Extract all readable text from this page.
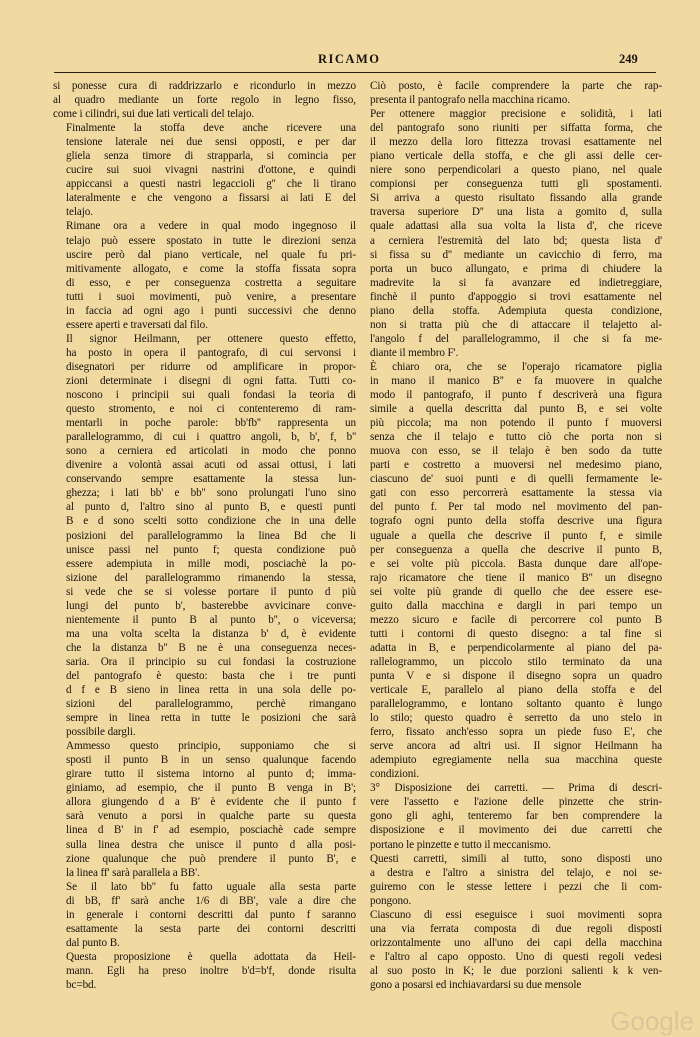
RICAMO	249

si ponesse cura di raddrizzarlo e ricondurlo in mezzo
al quadro mediante un forte regolo in legno fisso,
come i cilindri, sui due lati verticali del telajo.

Finalmente la stoffa deve anche ricevere una
tensione laterale nei due sensi opposti, e per dar
gliela senza timore di strapparla, si comincia per
cucire sui suoi vivagni nastrini d'ottone, e quindi
appiccansi a questi nastri legaccioli g'' che li tirano
lateralmente e che vengono a fissarsi ai lati E del
telajo.

Rimane ora a vedere in qual modo ingegnoso il
telajo può essere spostato in tutte le direzioni senza
uscire però dal piano verticale, nel quale fu pri-
mitivamente allogato, e come la stoffa fissata sopra
di esso, e per conseguenza costretta a seguitare
tutti i suoi movimenti, può venire, a presentare
in faccia ad ogni ago i punti successivi che denno
essere aperti e traversati dal filo.

Il signor Heilmann, per ottenere questo effetto,
ha posto in opera il pantografo, di cui servonsi i
disegnatori per ridurre od amplificare in propor-
zioni determinate i disegni di ogni fatta. Tutti co-
noscono i principii sui quali fondasi la teoria di
questo stromento, e noi ci contenteremo di ram-
mentarli in poche parole: bb'fb'' rappresenta un
parallelogrammo, di cui i quattro angoli, b, b', f, b''
sono a cerniera ed articolati in modo che ponno
divenire a volontà assai acuti od assai ottusi, i lati
conservando sempre esattamente la stessa lun-
ghezza; i lati bb' e bb'' sono prolungati l'uno sino
al punto d, l'altro sino al punto B, e questi punti
B e d sono scelti sotto condizione che in una delle
posizioni del parallelogrammo la linea Bd che li
unisce passi nel punto f; questa condizione può
essere adempiuta in mille modi, posciachè la po-
sizione del parallelogrammo rimanendo la stessa,
si vede che se si volesse portare il punto d più
lungi del punto b', basterebbe avvicinare conve-
nientemente il punto B al punto b'', o viceversa;
ma una volta scelta la distanza b' d, è evidente
che la distanza b'' B ne è una conseguenza neces-
saria. Ora il principio su cui fondasi la costruzione
del pantografo è questo: basta che i tre punti
d f e B sieno in linea retta in una sola delle po-
sizioni del parallelogrammo, perchè rimangano
sempre in linea retta in tutte le posizioni che sarà
possibile dargli.

Ammesso questo principio, supponiamo che si
sposti il punto B in un senso qualunque facendo
girare tutto il sistema intorno al punto d; imma-
giniamo, ad esempio, che il punto B venga in B';
allora giungendo d a B' è evidente che il punto f
sarà venuto a porsi in qualche parte su questa
linea d B' in f' ad esempio, posciachè cade sempre
sulla linea destra che unisce il punto d alla posi-
zione qualunque che può prendere il punto B', e
la linea ff' sarà parallela a BB'.

Se il lato bb'' fu fatto uguale alla sesta parte
di bB, ff' sarà anche 1/6 di BB', vale a dire che
in generale i contorni descritti dal punto f saranno
esattamente la sesta parte dei contorni descritti
dal punto B.

Questa proposizione è quella adottata da Heil-
mann. Egli ha preso inoltre b'd=b'f, donde risulta
bc=bd.

Ciò posto, è facile comprendere la parte che rap-
presenta il pantografo nella macchina ricamo.

Per ottenere maggior precisione e solidità, i lati
del pantografo sono riuniti per siffatta forma, che
il mezzo della loro fittezza trovasi esattamente nel
piano verticale della stoffa, e che gli assi delle cer-
niere sono perpendicolari a questo piano, nel quale
compionsi per conseguenza tutti gli spostamenti.
Si arriva a questo risultato fissando alla grande
traversa superiore D'' una lista a gomito d, sulla
quale adattasi alla sua volta la lista d', che riceve
a cerniera l'estremità del lato bd; questa lista d'
si fissa su d'' mediante un cavicchio di ferro, ma
porta un buco allungato, e prima di chiudere la
madrevite la si fa avanzare ed indietreggiare,
finchè il punto d'appoggio si trovi esattamente nel
piano della stoffa. Adempiuta questa condizione,
non si tratta più che di attaccare il telajetto al-
l'angolo f del parallelogrammo, il che si fa me-
diante il membro F'.

È chiaro ora, che se l'operajo ricamatore piglia
in mano il manico B'' e fa muovere in qualche
modo il pantografo, il punto f descriverà una figura
simile a quella descritta dal punto B, e sei volte
più piccola; ma non potendo il punto f muoversi
senza che il telajo e tutto ciò che porta non si
muova con esso, se il telajo è ben sodo da tutte
parti e costretto a muoversi nel medesimo piano,
ciascuno de' suoi punti e di quelli fermamente le-
gati con esso percorrerà esattamente la stessa via
del punto f. Per tal modo nel movimento del pan-
tografo ogni punto della stoffa descrive una figura
uguale a quella che descrive il punto f, e simile
per conseguenza a quella che descrive il punto B,
e sei volte più piccola. Basta dunque dare all'ope-
rajo ricamatore che tiene il manico B'' un disegno
sei volte più grande di quello che dee essere ese-
guito dalla macchina e dargli in pari tempo un
mezzo sicuro e facile di percorrere col punto B
tutti i contorni di questo disegno: a tal fine si
adatta in B, e perpendicolarmente al piano del pa-
rallelogrammo, un piccolo stilo terminato da una
punta V e si dispone il disegno sopra un quadro
verticale E, parallelo al piano della stoffa e del
parallelogrammo, e lontano soltanto quanto è lungo
lo stilo; questo quadro è serretto da uno stelo in
ferro, fissato anch'esso sopra un piede fuso E', che
serve ancora ad altri usi. Il signor Heilmann ha
adempiuto egregiamente nella sua macchina queste
condizioni.

3° Disposizione dei carretti. — Prima di descri-
vere l'assetto e l'azione delle pinzette che strin-
gono gli aghi, tenteremo far ben comprendere la
disposizione e il movimento dei due carretti che
portano le pinzette e tutto il meccanismo.

Questi carretti, simili al tutto, sono disposti uno
a destra e l'altro a sinistra del telajo, e noi se-
guiremo con le stesse lettere i pezzi che li com-
pongono.

Ciascuno di essi eseguisce i suoi movimenti sopra
una via ferrata composta di due regoli disposti
orizzontalmente uno all'uno dei capi della macchina
e l'altro al capo opposto. Uno di questi regoli vedesi
al suo posto in K; le due porzioni salienti k k ven-
gono a posarsi ed inchiavardarsi su due mensole

Google
